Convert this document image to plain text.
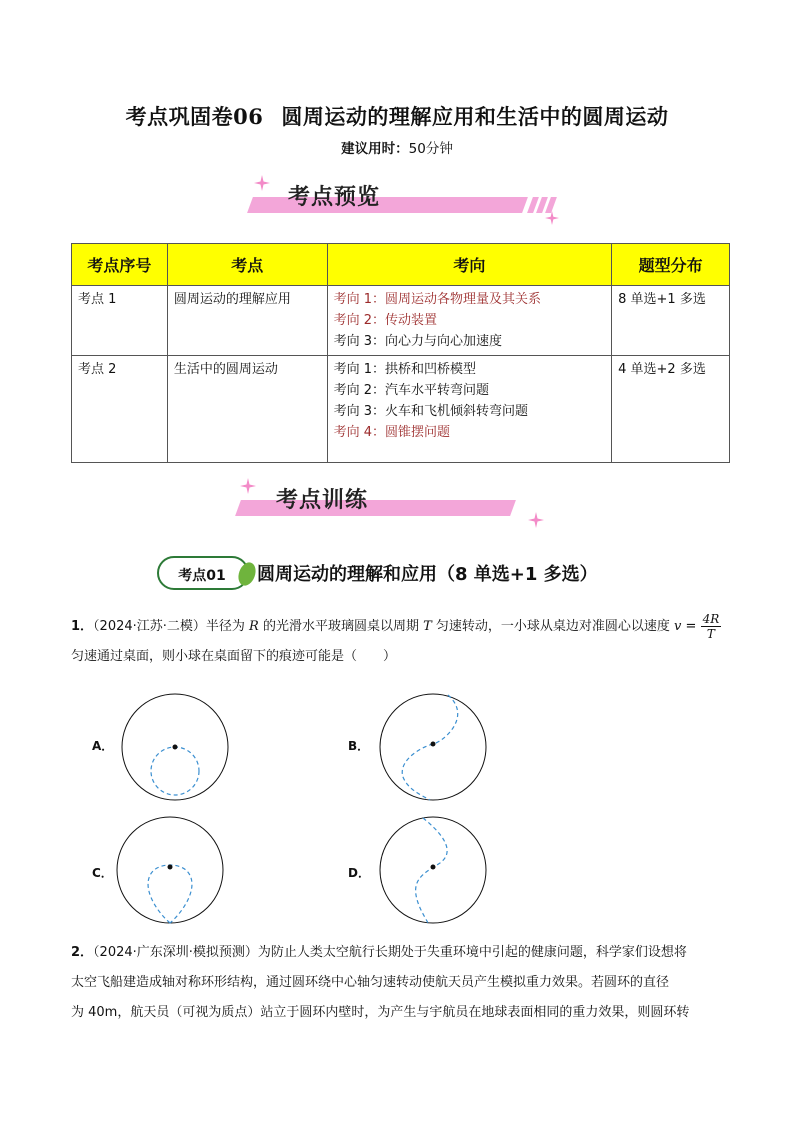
考点巩固卷06 圆周运动的理解应用和生活中的圆周运动
建议用时：50分钟
考点预览
考点序号	考点	考向	题型分布
考点 1	圆周运动的理解应用	考向 1：圆周运动各物理量及其关系
考向 2：传动装置
考向 3：向心力与向心加速度	8 单选+1 多选
考点 2	生活中的圆周运动	考向 1：拱桥和凹桥模型
考向 2：汽车水平转弯问题
考向 3：火车和飞机倾斜转弯问题
考向 4：圆锥摆问题	4 单选+2 多选
考点训练
考点01	圆周运动的理解和应用（8 单选+1 多选）
1．（2024·江苏·二模）半径为 R 的光滑水平玻璃圆桌以周期 T 匀速转动，一小球从桌边对准圆心以速度 $v = \frac{4R}{T}$
匀速通过桌面，则小球在桌面留下的痕迹可能是（　　）
A．	B．
C．	D．
2．（2024·广东深圳·模拟预测）为防止人类太空航行长期处于失重环境中引起的健康问题，科学家们设想将
太空飞船建造成轴对称环形结构，通过圆环绕中心轴匀速转动使航天员产生模拟重力效果。若圆环的直径
为 40m，航天员（可视为质点）站立于圆环内壁时，为产生与宇航员在地球表面相同的重力效果，则圆环转
